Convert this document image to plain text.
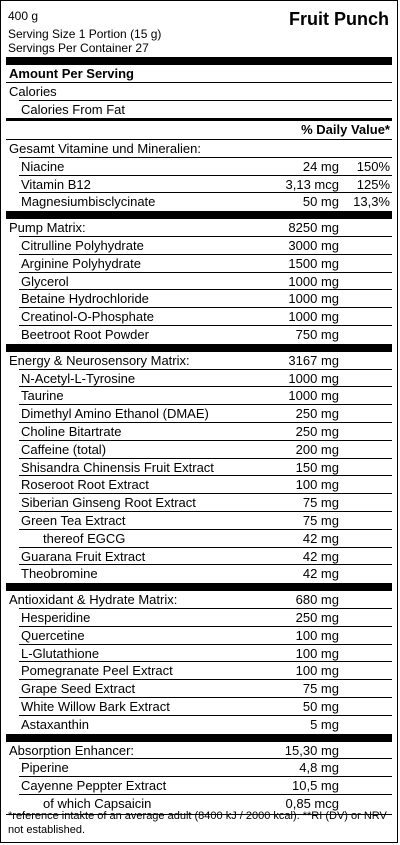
400 g	Fruit Punch
Serving Size 1 Portion (15 g)
Servings Per Container 27
Amount Per Serving
Calories
Calories From Fat
% Daily Value*
Gesamt Vitamine und Mineralien:
Niacine	24 mg 150%
Vitamin B12	3,13 mcg 125%
Magnesiumbisclycinate	50 mg 13,3%
Pump Matrix:	8250 mg
Citrulline Polyhydrate	3000 mg
Arginine Polyhydrate	1500 mg
Glycerol	1000 mg
Betaine Hydrochloride	1000 mg
Creatinol-O-Phosphate	1000 mg
Beetroot Root Powder	750 mg
Energy & Neurosensory Matrix:	3167 mg
N-Acetyl-L-Tyrosine	1000 mg
Taurine	1000 mg
Dimethyl Amino Ethanol (DMAE)	250 mg
Choline Bitartrate	250 mg
Caffeine (total)	200 mg
Shisandra Chinensis Fruit Extract	150 mg
Roseroot Root Extract	100 mg
Siberian Ginseng Root Extract	75 mg
Green Tea Extract	75 mg
thereof EGCG	42 mg
Guarana Fruit Extract	42 mg
Theobromine	42 mg
Antioxidant & Hydrate Matrix:	680 mg
Hesperidine	250 mg
Quercetine	100 mg
L-Glutathione	100 mg
Pomegranate Peel Extract	100 mg
Grape Seed Extract	75 mg
White Willow Bark Extract	50 mg
Astaxanthin	5 mg
Absorption Enhancer:	15,30 mg
Piperine	4,8 mg
Cayenne Peppter Extract	10,5 mg
of which Capsaicin	0,85 mcg
*reference intakte of an average adult (8400 kJ / 2000 kcal). **RI (DV) or NRV not established.
